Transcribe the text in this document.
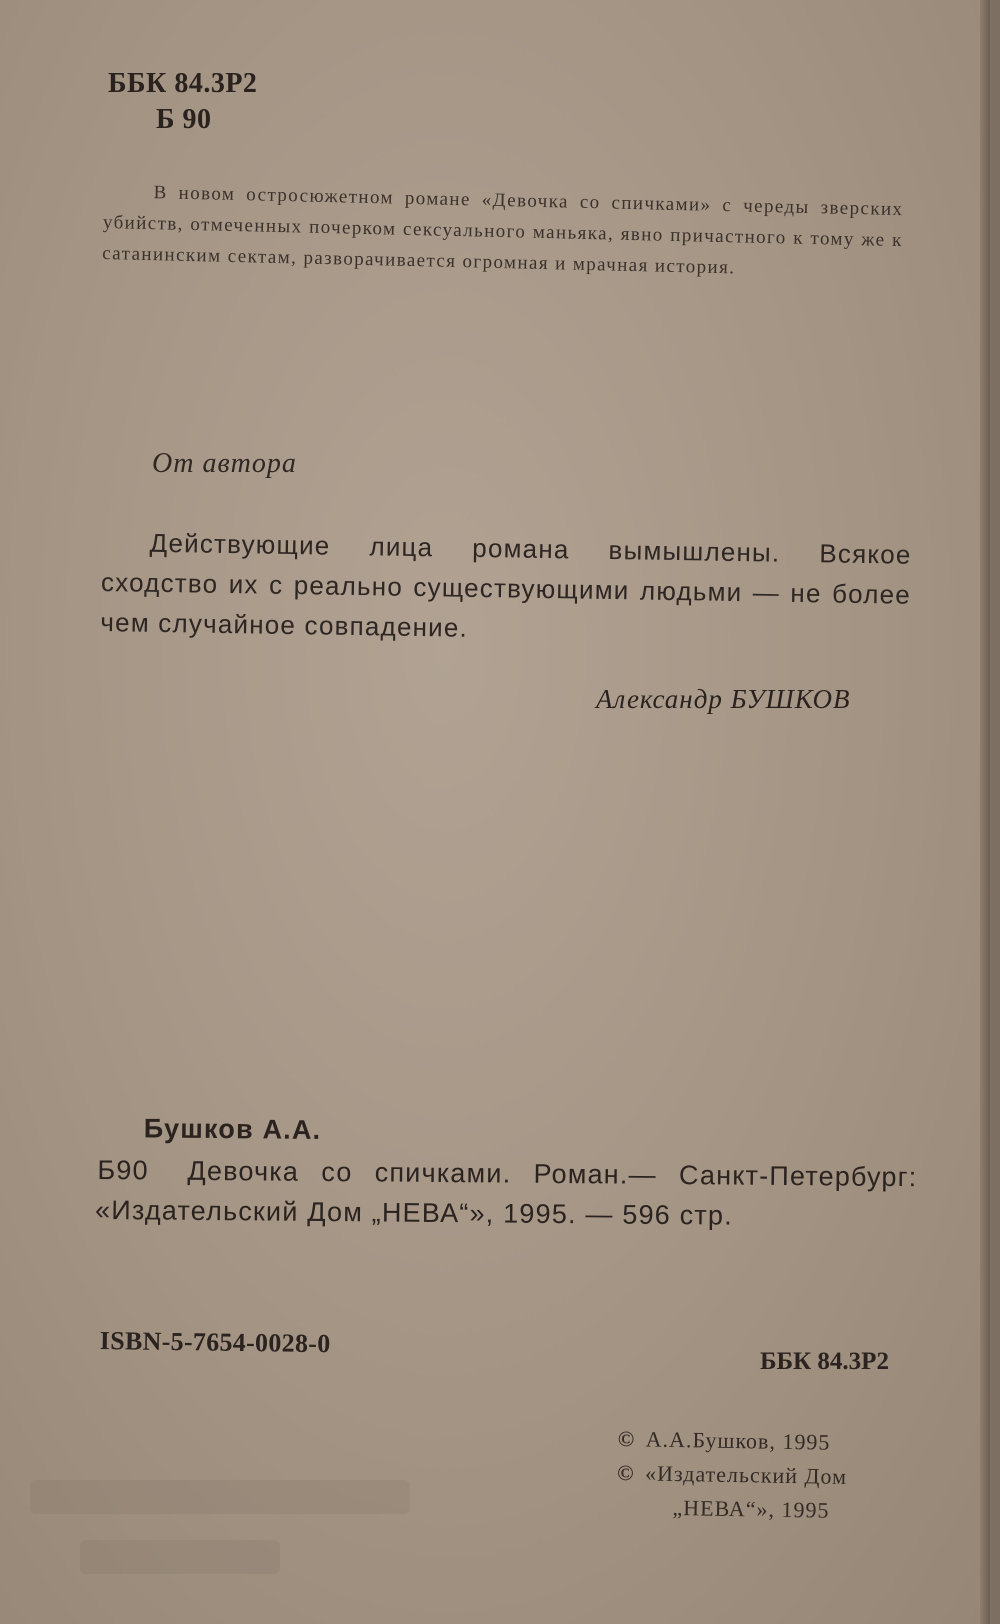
ББК 84.3Р2
Б 90

В новом остросюжетном романе «Девочка со спичками» с череды зверских убийств, отмеченных почерком сексуального маньяка, явно причастного к тому же к сатанинским сектам, разворачивается огромная и мрачная история.

От автора

Действующие лица романа вымышлены. Всякое сходство их с реально существующими людьми — не более чем случайное совпадение.

Александр БУШКОВ
Бушков А.А.
Б90	Девочка со спичками. Роман.— Санкт-Петербург: «Издательский Дом „НЕВА“», 1995. — 596 стр.
ISBN-5-7654-0028-0
ББК 84.3Р2
© А.А.Бушков, 1995
© «Издательский Дом
„НЕВА“», 1995
